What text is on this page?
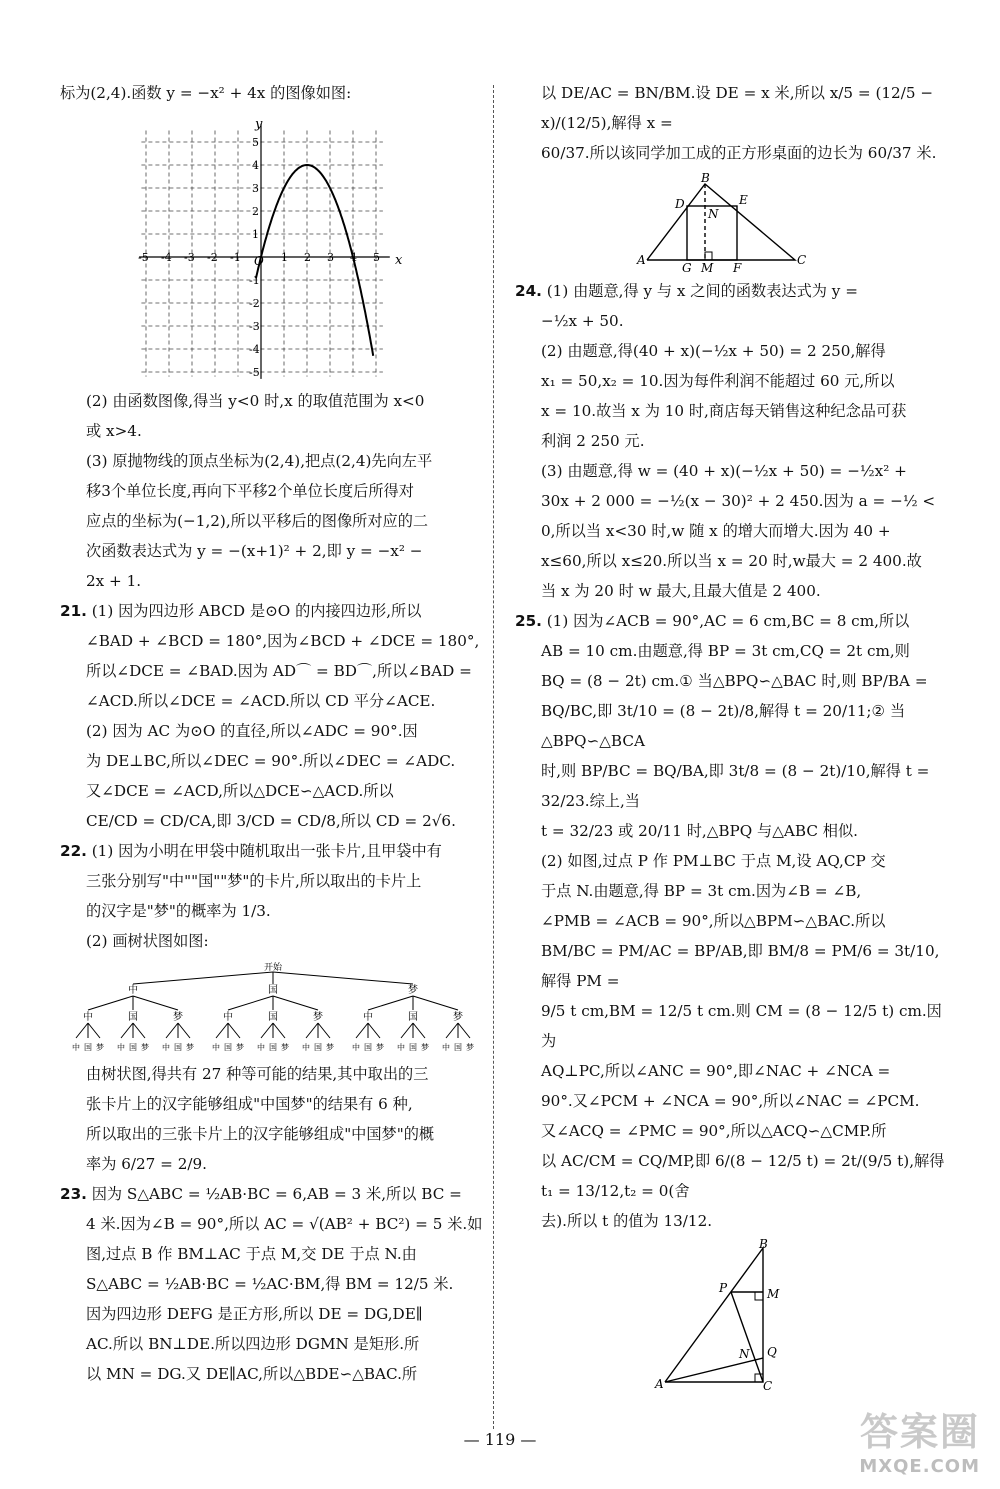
标为(2,4).函数 y = −x² + 4x 的图像如图:

-5 -4 -3 -2 -1	1 2 3 4 5
5
4
3
2
1
-1
-2
-3
-4
-5
x
y
O

(2) 由函数图像,得当 y<0 时,x 的取值范围为 x<0

或 x>4.

(3) 原抛物线的顶点坐标为(2,4),把点(2,4)先向左平

移3个单位长度,再向下平移2个单位长度后所得对

应点的坐标为(−1,2),所以平移后的图像所对应的二

次函数表达式为 y = −(x+1)² + 2,即 y = −x² −

2x + 1.

21. (1) 因为四边形 ABCD 是⊙O 的内接四边形,所以

∠BAD + ∠BCD = 180°,因为∠BCD + ∠DCE = 180°,

所以∠DCE = ∠BAD.因为 AD⌒ = BD⌒,所以∠BAD =

∠ACD.所以∠DCE = ∠ACD.所以 CD 平分∠ACE.

(2) 因为 AC 为⊙O 的直径,所以∠ADC = 90°.因

为 DE⊥BC,所以∠DEC = 90°.所以∠DEC = ∠ADC.

又∠DCE = ∠ACD,所以△DCE∽△ACD.所以

CE/CD = CD/CA,即 3/CD = CD/8,所以 CD = 2√6.

22. (1) 因为小明在甲袋中随机取出一张卡片,且甲袋中有

三张分别写"中""国""梦"的卡片,所以取出的卡片上

的汉字是"梦"的概率为 1/3.

(2) 画树状图如图:

开始
中
中
中 国 梦
国
中 国 梦
梦
中 国 梦
国
中
中 国 梦
国
中 国 梦
梦
中 国 梦
梦
中
中 国 梦
国
中 国 梦
梦
中 国 梦

由树状图,得共有 27 种等可能的结果,其中取出的三

张卡片上的汉字能够组成"中国梦"的结果有 6 种,

所以取出的三张卡片上的汉字能够组成"中国梦"的概

率为 6/27 = 2/9.

23. 因为 S△ABC = ½AB·BC = 6,AB = 3 米,所以 BC =

4 米.因为∠B = 90°,所以 AC = √(AB² + BC²) = 5 米.如

图,过点 B 作 BM⊥AC 于点 M,交 DE 于点 N.由

S△ABC = ½AB·BC = ½AC·BM,得 BM = 12/5 米.

因为四边形 DEFG 是正方形,所以 DE = DG,DE∥

AC.所以 BN⊥DE.所以四边形 DGMN 是矩形.所

以 MN = DG.又 DE∥AC,所以△BDE∽△BAC.所

以 DE/AC = BN/BM.设 DE = x 米,所以 x/5 = (12/5 − x)/(12/5),解得 x =

60/37.所以该同学加工成的正方形桌面的边长为 60/37 米.

B
D	E
N
A
G M F
C

24. (1) 由题意,得 y 与 x 之间的函数表达式为 y =

−½x + 50.

(2) 由题意,得(40 + x)(−½x + 50) = 2 250,解得

x₁ = 50,x₂ = 10.因为每件利润不能超过 60 元,所以

x = 10.故当 x 为 10 时,商店每天销售这种纪念品可获

利润 2 250 元.

(3) 由题意,得 w = (40 + x)(−½x + 50) = −½x² +

30x + 2 000 = −½(x − 30)² + 2 450.因为 a = −½ <

0,所以当 x<30 时,w 随 x 的增大而增大.因为 40 +

x≤60,所以 x≤20.所以当 x = 20 时,w最大 = 2 400.故

当 x 为 20 时 w 最大,且最大值是 2 400.

25. (1) 因为∠ACB = 90°,AC = 6 cm,BC = 8 cm,所以

AB = 10 cm.由题意,得 BP = 3t cm,CQ = 2t cm,则

BQ = (8 − 2t) cm.① 当△BPQ∽△BAC 时,则 BP/BA =

BQ/BC,即 3t/10 = (8 − 2t)/8,解得 t = 20/11;② 当△BPQ∽△BCA

时,则 BP/BC = BQ/BA,即 3t/8 = (8 − 2t)/10,解得 t = 32/23.综上,当

t = 32/23 或 20/11 时,△BPQ 与△ABC 相似.

(2) 如图,过点 P 作 PM⊥BC 于点 M,设 AQ,CP 交

于点 N.由题意,得 BP = 3t cm.因为∠B = ∠B,

∠PMB = ∠ACB = 90°,所以△BPM∽△BAC.所以

BM/BC = PM/AC = BP/AB,即 BM/8 = PM/6 = 3t/10,解得 PM =

9/5 t cm,BM = 12/5 t cm.则 CM = (8 − 12/5 t) cm.因为

AQ⊥PC,所以∠ANC = 90°,即∠NAC + ∠NCA =

90°.又∠PCM + ∠NCA = 90°,所以∠NAC = ∠PCM.

又∠ACQ = ∠PMC = 90°,所以△ACQ∽△CMP.所

以 AC/CM = CQ/MP,即 6/(8 − 12/5 t) = 2t/(9/5 t),解得 t₁ = 13/12,t₂ = 0(舍

去).所以 t 的值为 13/12.

B
P	M
N Q
A	C
— 119 —	答案圈
MXQE.COM
